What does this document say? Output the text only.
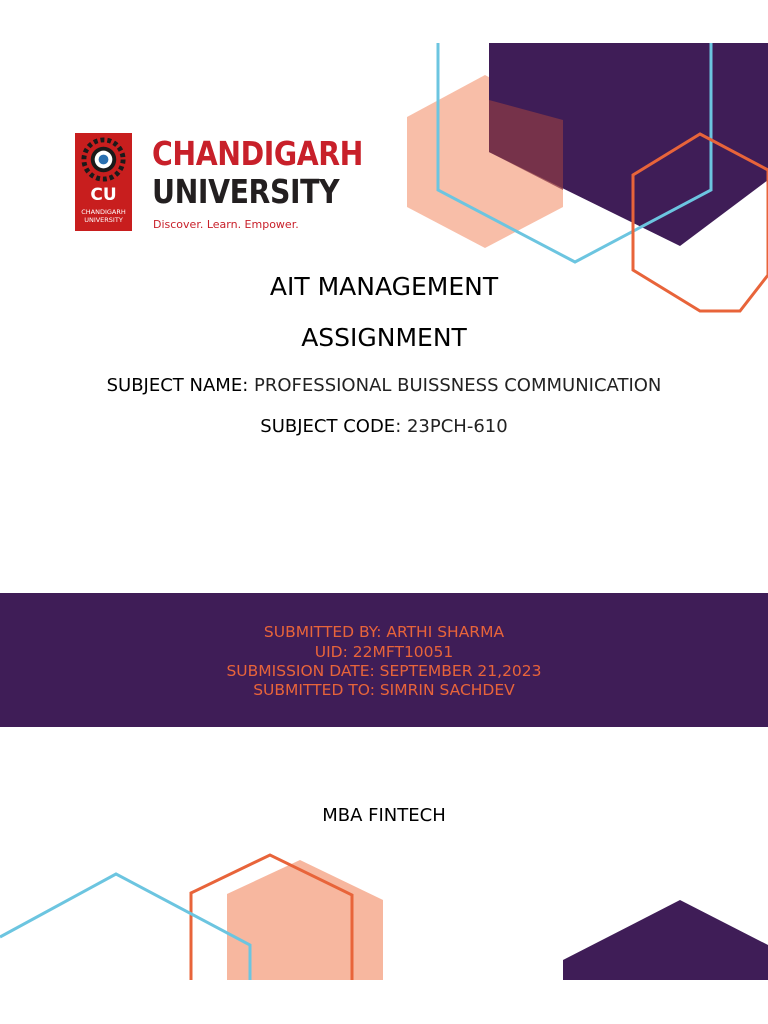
CU
CHANDIGARH
UNIVERSITY
CHANDIGARH
UNIVERSITY
Discover. Learn. Empower.
AIT MANAGEMENT
ASSIGNMENT
SUBJECT NAME: PROFESSIONAL BUISSNESS COMMUNICATION
SUBJECT CODE: 23PCH-610
SUBMITTED BY: ARTHI SHARMA
UID: 22MFT10051
SUBMISSION DATE: SEPTEMBER 21,2023
SUBMITTED TO: SIMRIN SACHDEV
MBA FINTECH
